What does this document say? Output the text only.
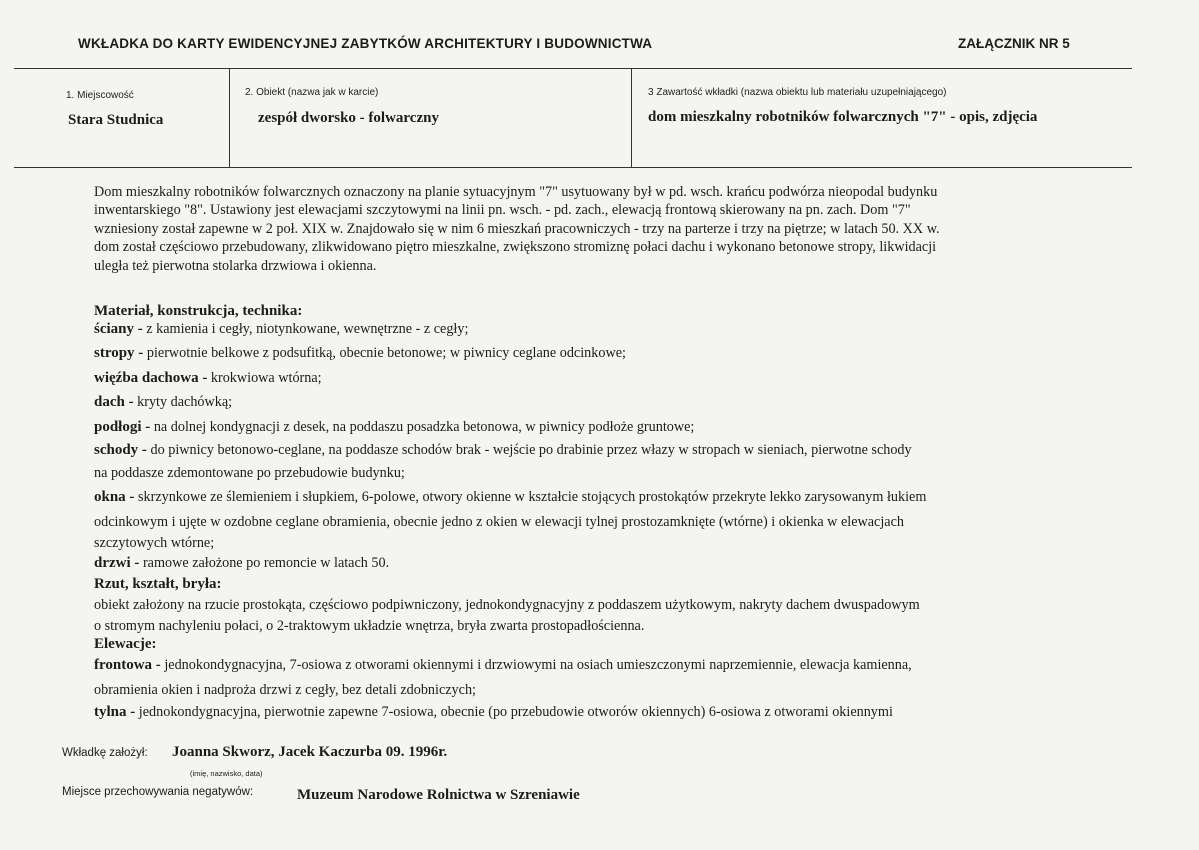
WKŁADKA DO KARTY EWIDENCYJNEJ ZABYTKÓW ARCHITEKTURY I BUDOWNICTWA	ZAŁĄCZNIK NR 5
1. Miejscowość
Stara Studnica
2. Obiekt (nazwa jak w karcie)
zespół dworsko - folwarczny
3 Zawartość wkładki (nazwa obiektu lub materiału uzupełniającego)
dom mieszkalny robotników folwarcznych "7" - opis, zdjęcia
Dom mieszkalny robotników folwarcznych oznaczony na planie sytuacyjnym "7" usytuowany był w pd. wsch. krańcu podwórza nieopodal budynku
inwentarskiego "8". Ustawiony jest elewacjami szczytowymi na linii pn. wsch. - pd. zach., elewacją frontową skierowany na pn. zach. Dom "7"
wzniesiony został zapewne w 2 poł. XIX w. Znajdowało się w nim 6 mieszkań pracowniczych - trzy na parterze i trzy na piętrze; w latach 50. XX w.
dom został częściowo przebudowany, zlikwidowano piętro mieszkalne, zwiększono stromiznę połaci dachu i wykonano betonowe stropy, likwidacji
uległa też pierwotna stolarka drzwiowa i okienna.
Materiał, konstrukcja, technika:
ściany - z kamienia i cegły, niotynkowane, wewnętrzne - z cegły;
stropy - pierwotnie belkowe z podsufitką, obecnie betonowe; w piwnicy ceglane odcinkowe;
więźba dachowa - krokwiowa wtórna;
dach - kryty dachówką;
podłogi - na dolnej kondygnacji z desek, na poddaszu posadzka betonowa, w piwnicy podłoże gruntowe;
schody - do piwnicy betonowo-ceglane, na poddasze schodów brak - wejście po drabinie przez włazy w stropach w sieniach, pierwotne schody
na poddasze zdemontowane po przebudowie budynku;
okna - skrzynkowe ze ślemieniem i słupkiem, 6-polowe, otwory okienne w kształcie stojących prostokątów przekryte lekko zarysowanym łukiem
odcinkowym i ujęte w ozdobne ceglane obramienia, obecnie jedno z okien w elewacji tylnej prostozamknięte (wtórne) i okienka w elewacjach
szczytowych wtórne;
drzwi - ramowe założone po remoncie w latach 50.
Rzut, kształt, bryła:
obiekt założony na rzucie prostokąta, częściowo podpiwniczony, jednokondygnacyjny z poddaszem użytkowym, nakryty dachem dwuspadowym
o stromym nachyleniu połaci, o 2-traktowym układzie wnętrza, bryła zwarta prostopadłościenna.
Elewacje:
frontowa - jednokondygnacyjna, 7-osiowa z otworami okiennymi i drzwiowymi na osiach umieszczonymi naprzemiennie, elewacja kamienna,
obramienia okien i nadproża drzwi z cegły, bez detali zdobniczych;
tylna - jednokondygnacyjna, pierwotnie zapewne 7-osiowa, obecnie (po przebudowie otworów okiennych) 6-osiowa z otworami okiennymi
Wkładkę założył: Joanna Skworz, Jacek Kaczurba 09. 1996r.
(imię, nazwisko, data)
Miejsce przechowywania negatywów:	Muzeum Narodowe Rolnictwa w Szreniawie
